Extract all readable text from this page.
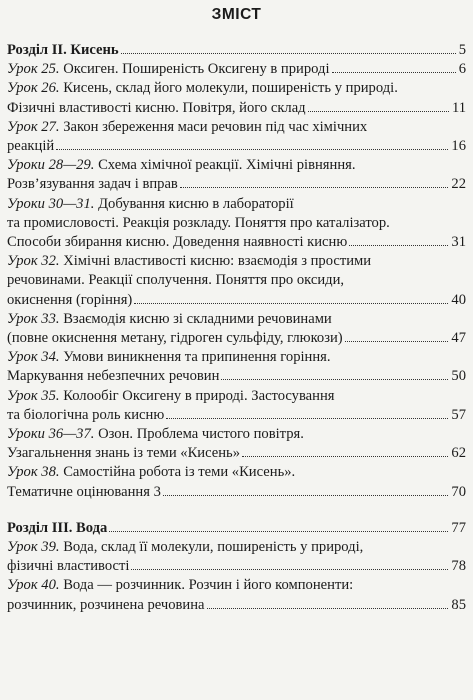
ЗМІСТ
Розділ II. Кисень	5
Урок 25. Оксиген. Поширеність Оксигену в природі	6
Урок 26. Кисень, склад його молекули, поширеність у природі.
Фізичні властивості кисню. Повітря, його склад	11
Урок 27. Закон збереження маси речовин під час хімічних
реакцій	16
Уроки 28—29. Схема хімічної реакції. Хімічні рівняння.
Розв’язування задач і вправ	22
Уроки 30—31. Добування кисню в лабораторії
та промисловості. Реакція розкладу. Поняття про каталізатор.
Способи збирання кисню. Доведення наявності кисню	31
Урок 32. Хімічні властивості кисню: взаємодія з простими
речовинами. Реакції сполучення. Поняття про оксиди,
окиснення (горіння)	40
Урок 33. Взаємодія кисню зі складними речовинами
(повне окиснення метану, гідроген сульфіду, глюкози)	47
Урок 34. Умови виникнення та припинення горіння.
Маркування небезпечних речовин	50
Урок 35. Колообіг Оксигену в природі. Застосування
та біологічна роль кисню	57
Уроки 36—37. Озон. Проблема чистого повітря.
Узагальнення знань із теми «Кисень»	62
Урок 38. Самостійна робота із теми «Кисень».
Тематичне оцінювання 3	70
Розділ III. Вода	77
Урок 39. Вода, склад її молекули, поширеність у природі,
фізичні властивості	78
Урок 40. Вода — розчинник. Розчин і його компоненти:
розчинник, розчинена речовина	85
